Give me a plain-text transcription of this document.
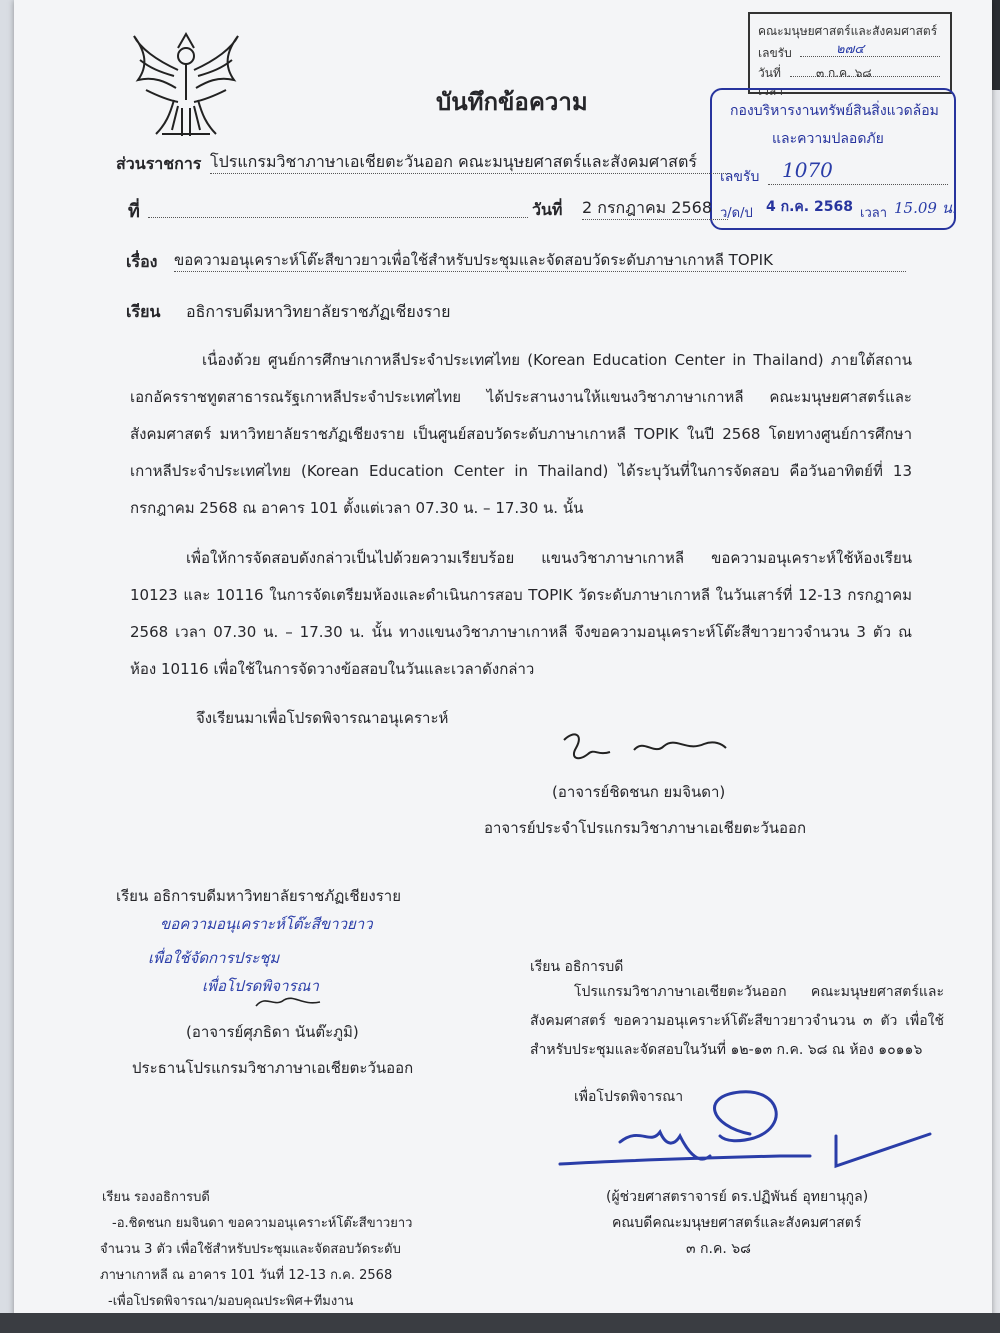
บันทึกข้อความ
คณะมนุษยศาสตร์และสังคมศาสตร์
เลขรับ	๒๗๔
วันที่	๓ ก.ค. ๖๘
เวลา
กองบริหารงานทรัพย์สินสิ่งแวดล้อม
และความปลอดภัย
เลขรับ 1070
ว/ด/ป 4 ก.ค. 2568 เวลา 15.09 น.
ส่วนราชการ โปรแกรมวิชาภาษาเอเชียตะวันออก คณะมนุษยศาสตร์และสังคมศาสตร์
ที่	วันที่ 2 กรกฎาคม 2568
เรื่อง ขอความอนุเคราะห์โต๊ะสีขาวยาวเพื่อใช้สำหรับประชุมและจัดสอบวัดระดับภาษาเกาหลี TOPIK
เรียน อธิการบดีมหาวิทยาลัยราชภัฏเชียงราย
เนื่องด้วย ศูนย์การศึกษาเกาหลีประจำประเทศไทย (Korean Education Center in Thailand) ภายใต้สถานเอกอัครราชทูตสาธารณรัฐเกาหลีประจำประเทศไทย ได้ประสานงานให้แขนงวิชาภาษาเกาหลี คณะมนุษยศาสตร์และสังคมศาสตร์ มหาวิทยาลัยราชภัฏเชียงราย เป็นศูนย์สอบวัดระดับภาษาเกาหลี TOPIK ในปี 2568 โดยทางศูนย์การศึกษาเกาหลีประจำประเทศไทย (Korean Education Center in Thailand) ได้ระบุวันที่ในการจัดสอบ คือวันอาทิตย์ที่ 13 กรกฎาคม 2568 ณ อาคาร 101 ตั้งแต่เวลา 07.30 น. – 17.30 น. นั้น
เพื่อให้การจัดสอบดังกล่าวเป็นไปด้วยความเรียบร้อย แขนงวิชาภาษาเกาหลี ขอความอนุเคราะห์ใช้ห้องเรียน 10123 และ 10116 ในการจัดเตรียมห้องและดำเนินการสอบ TOPIK วัดระดับภาษาเกาหลี ในวันเสาร์ที่ 12-13 กรกฎาคม 2568 เวลา 07.30 น. – 17.30 น. นั้น ทางแขนงวิชาภาษาเกาหลี จึงขอความอนุเคราะห์โต๊ะสีขาวยาวจำนวน 3 ตัว ณ ห้อง 10116 เพื่อใช้ในการจัดวางข้อสอบในวันและเวลาดังกล่าว
จึงเรียนมาเพื่อโปรดพิจารณาอนุเคราะห์
(อาจารย์ชิดชนก ยมจินดา)
อาจารย์ประจำโปรแกรมวิชาภาษาเอเชียตะวันออก
เรียน อธิการบดีมหาวิทยาลัยราชภัฏเชียงราย
ขอความอนุเคราะห์โต๊ะสีขาวยาว
เพื่อใช้จัดการประชุม
เพื่อโปรดพิจารณา
(อาจารย์ศุภธิดา นันต๊ะภูมิ)
ประธานโปรแกรมวิชาภาษาเอเชียตะวันออก
เรียน อธิการบดี
โปรแกรมวิชาภาษาเอเชียตะวันออก คณะมนุษยศาสตร์และสังคมศาสตร์ ขอความอนุเคราะห์โต๊ะสีขาวยาวจำนวน ๓ ตัว เพื่อใช้สำหรับประชุมและจัดสอบในวันที่ ๑๒-๑๓ ก.ค. ๖๘ ณ ห้อง ๑๐๑๑๖
เพื่อโปรดพิจารณา
(ผู้ช่วยศาสตราจารย์ ดร.ปฏิพันธ์ อุทยานุกูล)
คณบดีคณะมนุษยศาสตร์และสังคมศาสตร์
๓ ก.ค. ๖๘
เรียน รองอธิการบดี
-อ.ชิดชนก ยมจินดา ขอความอนุเคราะห์โต๊ะสีขาวยาว
จำนวน 3 ตัว เพื่อใช้สำหรับประชุมและจัดสอบวัดระดับ
ภาษาเกาหลี ณ อาคาร 101 วันที่ 12-13 ก.ค. 2568
-เพื่อโปรดพิจารณา/มอบคุณประพิศ+ทีมงาน
